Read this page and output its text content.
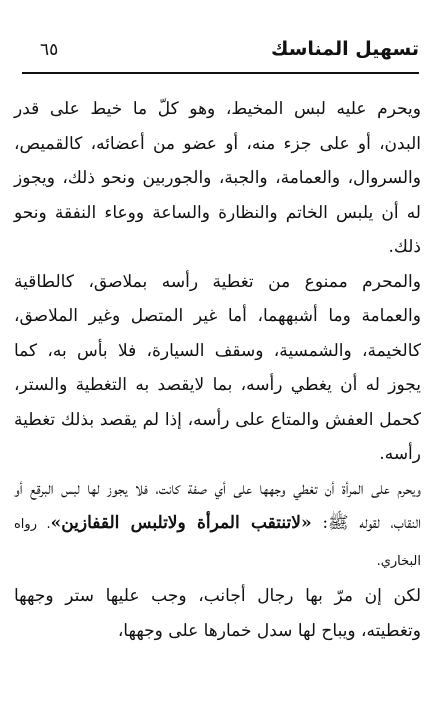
تسهيل المناسك
٦٥

ويحرم عليه لبس المخيط، وهو كلّ ما خيط على قدر البدن، أو على جزء منه، أو عضو من أعضائه، كالقميص، والسروال، والعمامة، والجبة، والجوربين ونحو ذلك، ويجوز له أن يلبس الخاتم والنظارة والساعة ووعاء النفقة ونحو ذلك.

والمحرم ممنوع من تغطية رأسه بملاصق، كالطاقية والعمامة وما أشبههما، أما غير المتصل وغير الملاصق، كالخيمة، والشمسية، وسقف السيارة، فلا بأس به، كما يجوز له أن يغطي رأسه، بما لايقصد به التغطية والستر، كحمل العفش والمتاع على رأسه، إذا لم يقصد بذلك تغطية رأسه.

ويحرم على المرأة أن تغطي وجهها على أي صفة كانت، فلا يجوز لها لبس البرقع أو النقاب، لقوله ﷺ: «لاتنتقب المرأة ولاتلبس القفازين». رواه البخاري.

لكن إن مرّ بها رجال أجانب، وجب عليها ستر وجهها وتغطيته، ويباح لها سدل خمارها على وجهها،
